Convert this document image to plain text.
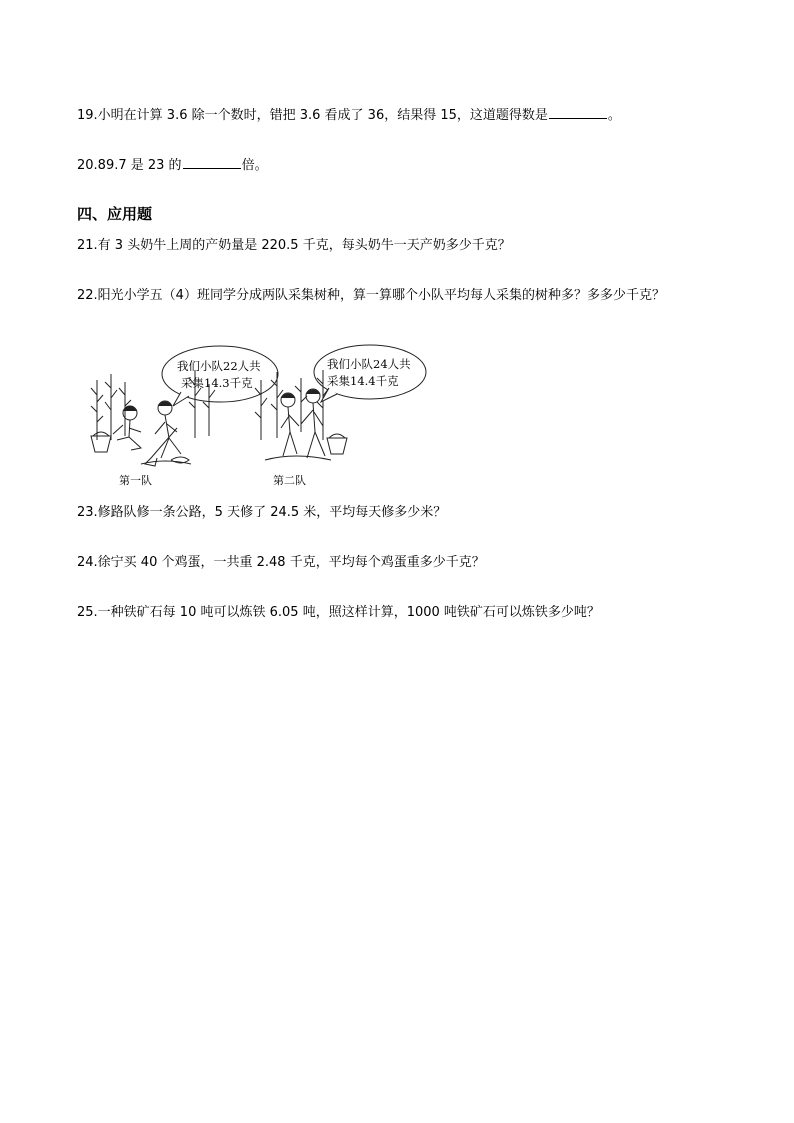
19.小明在计算 3.6 除一个数时，错把 3.6 看成了 36，结果得 15，这道题得数是	。
20.89.7 是 23 的	倍。
四、应用题
21.有 3 头奶牛上周的产奶量是 220.5 千克，每头奶牛一天产奶多少千克？
22.阳光小学五（4）班同学分成两队采集树种，算一算哪个小队平均每人采集的树种多？多多少千克？
我们小队22人共
采集14.3千克
我们小队24人共
采集14.4千克
第一队	第二队
23.修路队修一条公路，5 天修了 24.5 米，平均每天修多少米？
24.徐宁买 40 个鸡蛋，一共重 2.48 千克，平均每个鸡蛋重多少千克？
25.一种铁矿石每 10 吨可以炼铁 6.05 吨，照这样计算，1000 吨铁矿石可以炼铁多少吨？
